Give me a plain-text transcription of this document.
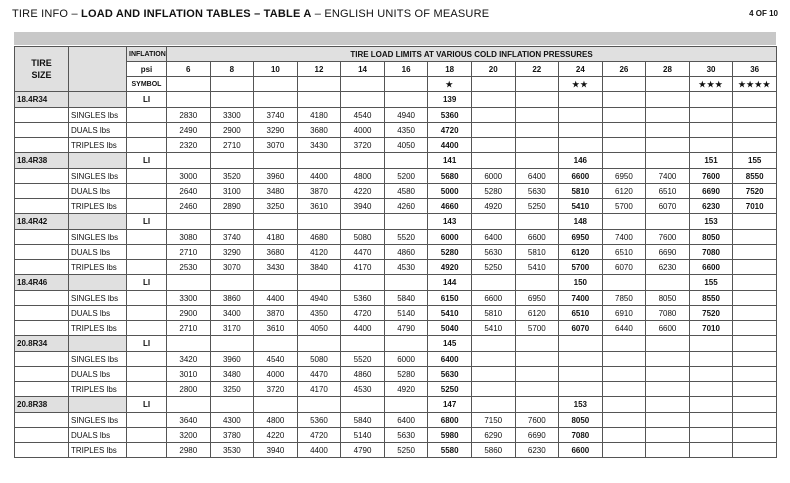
TIRE INFO – LOAD AND INFLATION TABLES – TABLE A – ENGLISH UNITS OF MEASURE	4 OF 10
TIRE
SIZE		INFLATION	TIRE LOAD LIMITS AT VARIOUS COLD INFLATION PRESSURES													
		psi	6	8	10	12	14	16	18	20	22	24	26	28	30	36
		SYMBOL							★			★★			★★★	★★★★
18.4R34		LI							139							
	SINGLES lbs		2830	3300	3740	4180	4540	4940	5360							
	DUALS lbs		2490	2900	3290	3680	4000	4350	4720							
	TRIPLES lbs		2320	2710	3070	3430	3720	4050	4400							
18.4R38		LI							141			146			151	155
	SINGLES lbs		3000	3520	3960	4400	4800	5200	5680	6000	6400	6600	6950	7400	7600	8550
	DUALS lbs		2640	3100	3480	3870	4220	4580	5000	5280	5630	5810	6120	6510	6690	7520
	TRIPLES lbs		2460	2890	3250	3610	3940	4260	4660	4920	5250	5410	5700	6070	6230	7010
18.4R42		LI							143			148			153	
	SINGLES lbs		3080	3740	4180	4680	5080	5520	6000	6400	6600	6950	7400	7600	8050	
	DUALS lbs		2710	3290	3680	4120	4470	4860	5280	5630	5810	6120	6510	6690	7080	
	TRIPLES lbs		2530	3070	3430	3840	4170	4530	4920	5250	5410	5700	6070	6230	6600	
18.4R46		LI							144			150			155	
	SINGLES lbs		3300	3860	4400	4940	5360	5840	6150	6600	6950	7400	7850	8050	8550	
	DUALS lbs		2900	3400	3870	4350	4720	5140	5410	5810	6120	6510	6910	7080	7520	
	TRIPLES lbs		2710	3170	3610	4050	4400	4790	5040	5410	5700	6070	6440	6600	7010	
20.8R34		LI							145							
	SINGLES lbs		3420	3960	4540	5080	5520	6000	6400							
	DUALS lbs		3010	3480	4000	4470	4860	5280	5630							
	TRIPLES lbs		2800	3250	3720	4170	4530	4920	5250							
20.8R38		LI							147			153				
	SINGLES lbs		3640	4300	4800	5360	5840	6400	6800	7150	7600	8050				
	DUALS lbs		3200	3780	4220	4720	5140	5630	5980	6290	6690	7080				
	TRIPLES lbs		2980	3530	3940	4400	4790	5250	5580	5860	6230	6600				
